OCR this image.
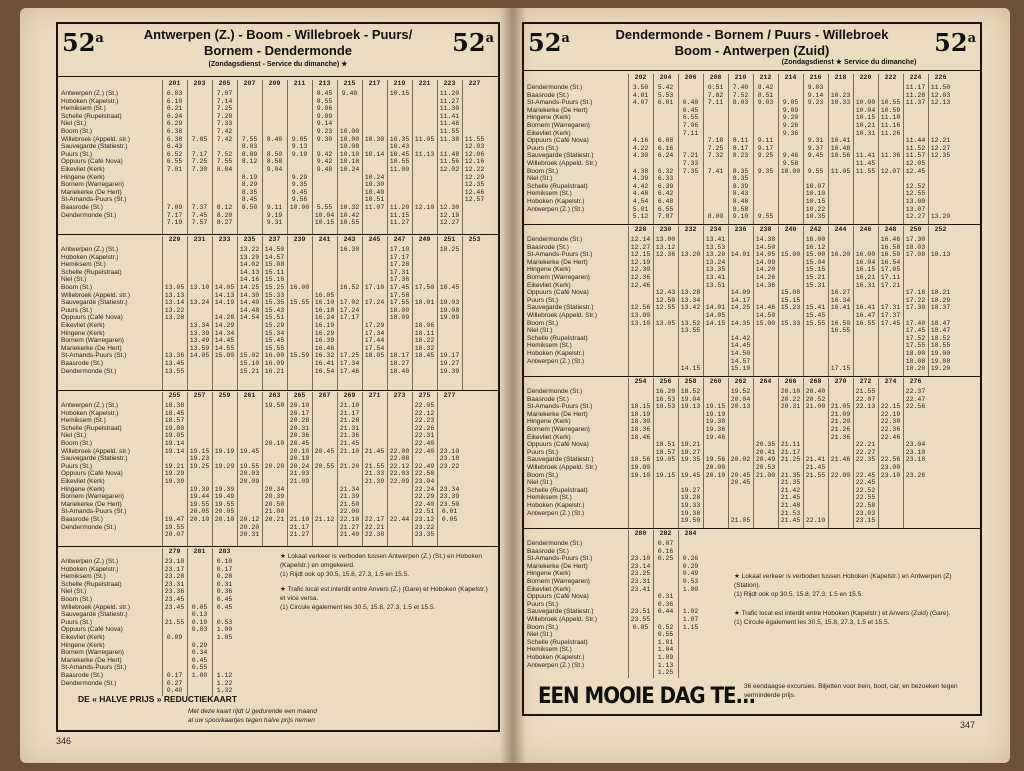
52$^a$	Antwerpen (Z.) - Boom - Willebroek - Puurs/
Bornem - Dendermonde
(Zondagsdienst - Service du dimanche) ★
52$^a$
Antwerpen (Z.) (St.)
Hoboken (Kapelstr.)
Hemiksem (St.)
Schelle (Rupelstraat)
Niel (St.)
Boom (St.)
Willebroek (Appeld. str.)
Sauvegarde (Statiestr.)
Puurs (St.)
Oppuurs (Café Nova)
Eikevliet (Kerk)
Hingene (Kerk)
Bornem (Warregaren)
Mariekerke (De Hert)
St-Amands-Puurs (St.)
Baasrode (St.)
Dendermonde (St.)
201
6.03
6.10
6.21
6.24
6.29
6.38
6.38
6.43
6.52
6.55
7.01
7.09
7.17
7.19
203
7.05
7.17
7.25
7.30
7.37
7.45
7.57
205
7.07
7.14
7.25
7.28
7.33
7.42
7.42
7.52
7.55
8.04
8.12
8.20
8.27
207
7.55
8.03
8.09
8.12
8.19
8.29
8.35
8.45
8.50
209
8.40
8.50
8.58
9.04
9.11
9.19
9.31
211
9.05
9.13
9.19
9.29
9.35
9.45
9.56
10.00
213
8.45
8.55
9.06
9.09
9.14
9.23
9.30
9.42
9.42
9.48
5.55
10.04
10.15
215
9.40
10.00
10.00
10.08
10.10
10.18
10.24
10.32
10.42
10.55
217
10.30
10.14
10.24
10.30
10.40
10.51
11.07
219
10.15
10.35
10.43
10.45
10.55
11.00
11.20
11.15
11.27
221
11.05
11.13
12.10
223
11.20
11.27
11.30
11.41
11.46
11.55
11.38
11.48
11.56
12.02
12.30
12.19
12.27
227
11.55
12.03
12.06
12.16
12.22
12.29
12.35
12.46
12.57
Antwerpen (Z.) (St.)
Hoboken (Kapelstr.)
Hemiksem (St.)
Schelle (Rupelstraat)
Niel (St.)
Boom (St.)
Willebroek (Appeld. str.)
Sauvegarde (Statiestr.)
Puurs (St.)
Oppuurs (Café Nova)
Eikevliet (Kerk)
Hingene (Kerk)
Bornem (Warregaren)
Mariekerke (De Hert)
St-Amands-Puurs (St.)
Baasrode (St.)
Dendermonde (St.)
229
13.05
13.13
13.14
13.22
13.28
13.36
13.45
13.55
231
13.10
13.24
13.34
13.39
13.49
13.59
14.05
233
14.05
14.13
14.19
14.28
14.29
14.34
14.45
14.55
15.00
235
13.22
13.29
14.02
14.13
14.16
14.25
14.30
14.40
14.48
14.54
15.02
15.10
15.21
237
14.50
14.57
15.08
15.11
15.16
15.25
15.33
15.35
15.43
15.51
15.29
15.34
15.45
15.55
16.00
16.09
16.21
239
16.00
15.55
15.59
241
16.05
16.10
16.18
16.24
16.19
16.29
16.39
16.46
16.32
16.41
16.54
243
16.30
16.52
17.02
17.24
17.17
17.25
17.34
17.46
245
17.10
17.24
17.29
17.34
17.44
17.54
18.05
247
17.10
17.17
17.28
17.31
17.36
17.45
17.58
17.55
18.00
18.09
18.17
18.27
18.40
249
17.50
18.01
18.06
18.11
18.22
18.32
18.45
251
18.25
18.45
19.03
19.08
19.09
19.17
19.27
19.39
253
Antwerpen (Z.) (St.)
Hoboken (Kapelstr.)
Hemiksem (St.)
Schelle (Rupelstraat)
Niel (St.)
Boom (St.)
Willebroek (Appeld. str.)
Sauvegarde (Statiestr.)
Puurs (St.)
Oppuurs (Café Nova)
Eikevliet (Kerk)
Hingene (Kerk)
Bornem (Warregaren)
Mariekerke (De Hert)
St-Amands-Puurs (St.)
Baasrode (St.)
Dendermonde (St.)
255
18.38
18.45
18.57
19.00
19.05
19.14
19.14
19.21
19.29
19.39
19.47
19.55
20.07
257
19.15
19.23
19.25
19.39
19.44
19.55
20.05
20.10
259
19.19
19.29
19.39
19.49
19.55
20.05
20.10
261
19.45
19.55
20.03
20.09
20.12
20.20
20.31
263
19.50
20.10
20.20
20.34
20.39
20.50
21.00
20.21
265
20.10
20.17
20.28
20.31
20.36
20.45
20.10
20.18
20.24
21.03
21.09
21.10
21.17
21.27
267
20.45
20.55
21.12
269
21.10
21.17
21.28
21.31
21.36
21.45
21.10
21.20
21.34
21.39
21.50
22.00
22.10
21.27
21.40
271
21.45
21.55
21.33
21.39
22.17
22.21
22.38
273
22.00
22.08
22.12
22.03
22.09
22.44
275
22.05
22.12
22.23
22.26
22.31
22.40
22.40
22.49
22.58
23.04
22.24
22.29
22.40
22.51
23.12
23.22
23.35
277
23.10
23.18
23.22
23.34
23.39
23.50
0.01
0.05
Antwerpen (Z.) (St.)
Hoboken (Kapelstr.)
Hemiksem (St.)
Schelle (Rupelstraat)
Niel (St.)
Boom (St.)
Willebroek (Appeld. str.)
Sauvegarde (Statiestr.)
Puurs (St.)
Oppuurs (Café Nova)
Eikevliet (Kerk)
Hingene (Kerk)
Bornem (Warregaren)
Mariekerke (De Hert)
St-Amands-Puurs (St.)
Baasrode (St.)
Dendermonde (St.)
279
23.10
23.17
23.28
23.31
23.36
23.45
23.45
21.55
0.09
0.17
0.27
0.40
281
0.05
0.13
0.19
0.03
0.29
0.34
0.45
0.55
1.00
283
0.10
0.17
0.28
0.31
0.36
0.45
0.45
0.53
1.00
1.05
1.12
1.22
1.32
★ Lokaal verkeer is verboden tussen Antwerpen (Z.) (St.) en Hoboken (Kapelstr.) en omgekeerd.
(1) Rijdt ook op 30.5, 15.8, 27.3, 1.5 en 15.5.
★ Trafic local est interdit entre Anvers (Z.) (Gare) et Hoboken (Kapelstr.) et vice versa.
(1) Circule également les 30.5, 15.8, 27.3, 1.5 et 15.5.
DE « HALVE PRIJS » REDUCTIEKAART
Met deze kaart rijdt U gedurende een maand
al uw spoorkaartjes tegen halve prijs nemen
346
52$^a$	Dendermonde - Bornem / Puurs - Willebroek
Boom - Antwerpen (Zuid)
(Zondagsdienst ★ Service du dimanche)
52$^a$
Dendermonde (St.)
Baasrode (St.)
St-Amands-Puurs (St.)
Mariekerke (De Hert)
Hingene (Kerk)
Bornem (Warregaren)
Eikevliet (Kerk)
Oppuurs (Café Nova)
Puurs (St.)
Sauvegarde (Statiestr.)
Willebroek (Appeld. Str.)
Boom (St.)
Niel (St.)
Schelle (Rupelstraat)
Hemiksem (St.)
Hoboken (Kapelstr.)
Antwerpen (Z.) (St.)
202
3.50
4.01
4.07
4.16
4.22
4.30
4.38
4.39
4.42
4.48
4.54
5.01
5.12
204
5.42
5.53
6.01
6.08
6.16
6.24
6.32
6.33
6.39
6.42
6.48
6.55
7.07
206
6.40
6.45
6.55
7.06
7.11
7.21
7.33
7.35
208
6.51
7.02
7.11
7.18
7.25
7.32
7.41
8.00
210
7.40
7.52
8.03
8.11
8.17
8.23
8.35
8.35
8.39
8.43
8.48
8.58
9.10
212
8.42
8.51
9.03
9.11
9.17
9.25
9.35
9.55
214
9.05
9.09
9.20
9.26
9.36
9.46
9.58
10.00
216
9.03
9.14
9.23
9.31
9.37
9.45
9.55
10.07
10.10
10.15
10.22
10.35
218
10.23
10.33
10.41
10.48
10.56
11.05
220
10.00
10.04
10.15
10.21
10.31
11.41
11.45
11.55
222
10.55
10.59
11.10
11.16
11.26
11.36
12.07
224
11.17
11.28
11.37
11.44
11.52
11.57
12.05
12.45
12.52
12.55
13.00
13.07
12.27
226
11.50
12.03
12.13
12.21
12.27
12.35
13.20
Dendermonde (St.)
Baasrode (St.)
St-Amands-Puurs (St.)
Mariekerke (De Hert)
Hingene (Kerk)
Bornem (Warregaren)
Eikevliet (Kerk)
Oppuurs (Café Nova)
Puurs (St.)
Sauvegarde (Statiestr.)
Willebroek (Appeld. Str.)
Boom (St.)
Niel (St.)
Schelle (Rupelstraat)
Hemiksem (St.)
Hoboken (Kapelstr.)
Antwerpen (Z.) (St.)
228
12.14
12.27
12.15
12.19
12.30
12.36
12.46
12.56
13.00
13.10
230
13.00
13.12
12.36
12.43
12.50
12.55
13.05
232
13.20
13.28
13.34
13.42
13.52
13.55
14.15
234
13.41
13.53
13.20
13.24
13.35
13.41
13.51
14.01
14.05
14.15
236
14.01
14.09
14.17
14.25
14.35
14.42
14.45
14.50
14.57
15.10
238
14.38
14.50
14.05
14.09
14.20
14.26
14.36
14.46
14.50
15.00
240
15.00
15.08
15.15
15.23
15.33
242
16.00
16.12
15.00
15.04
15.15
15.21
15.31
15.41
15.45
15.55
244
16.20
16.27
16.34
16.41
16.50
16.55
17.15
246
16.00
16.04
16.15
16.21
16.31
16.41
16.47
16.55
248
16.46
16.58
16.50
16.54
17.05
17.11
17.21
17.31
17.37
17.45
250
17.30
18.03
17.08
17.16
17.22
17.30
17.40
17.45
17.52
17.55
18.00
18.08
18.20
252
18.13
18.21
18.29
18.37
18.47
18.47
18.52
18.55
19.00
19.08
19.20
Dendermonde (St.)
Baasrode (St.)
St-Amands-Puurs (St.)
Mariekerke (De Hert)
Hingene (Kerk)
Bornem (Warregaren)
Eikevliet (Kerk)
Oppuurs (Café Nova)
Puurs (St.)
Sauvegarde (Statiestr.)
Willebroek (Appeld. Str.)
Boom (St.)
Niel (St.)
Schelle (Rupelstraat)
Hemiksem (St.)
Hoboken (Kapelstr.)
Antwerpen (Z.) (St.)
254
18.15
18.19
18.30
18.36
18.46
18.56
19.00
19.10
256
16.20
16.53
18.53
18.51
18.57
19.05
19.15
258
18.52
19.04
19.13
19.21
19.27
19.35
19.45
19.27
19.28
19.33
19.38
19.50
260
19.15
19.19
19.30
19.36
19.46
19.56
20.00
20.10
262
19.52
20.04
20.13
20.02
20.45
20.45
21.05
264
20.35
20.41
20.49
20.53
21.00
266
20.10
20.22
20.31
21.11
21.17
21.25
21.35
21.35
21.42
21.45
21.48
21.53
21.45
268
20.40
20.52
21.00
21.41
21.45
21.55
22.10
270
21.05
21.09
21.20
21.26
21.36
21.46
22.00
272
21.55
22.07
22.13
22.21
22.27
22.35
22.45
22.45
22.52
22.55
22.58
23.03
23.15
274
22.15
22.19
22.30
22.36
22.46
22.56
23.00
23.10
276
22.37
22.47
22.56
23.04
23.10
23.18
23.26
Dendermonde (St.)
Baasrode (St.)
St-Amands-Puurs (St.)
Mariekerke (De Hert)
Hingene (Kerk)
Bornem (Warregaren)
Eikevliet (Kerk)
Oppuurs (Café Nova)
Puurs (St.)
Sauvegarde (Statiestr.)
Willebroek (Appeld. Str.)
Boom (St.)
Niel (St.)
Schelle (Rupelstraat)
Hemiksem (St.)
Hoboken (Kapelstr.)
Antwerpen (Z.) (St.)
280
23.10
23.14
23.25
23.31
23.41
23.51
23.55
0.05
282
0.07
0.16
0.25
0.31
0.36
0.44
0.52
0.55
1.01
1.04
1.09
1.13
1.25
284
0.26
0.29
0.49
0.53
1.00
1.02
1.07
1.15
★ Lokaal verkeer is verboden tussen Hoboken (Kapelstr.) en Antwerpen (Z) (Station).
(1) Rijdt ook op 30.5, 15.8, 27.3, 1.5 en 15.5.
★ Trafic local est interdit entre Hoboken (Kapelstr.) et Anvers (Zuid) (Gare).
(1) Circule également les 30.5, 15.8, 27.3, 1.5 et 15.5.
EEN MOOIE DAG TE...
36 eendaagse excursies. Biljetten voor trein, boot, car, en bezoeken tegen verminderde prijs.
347
